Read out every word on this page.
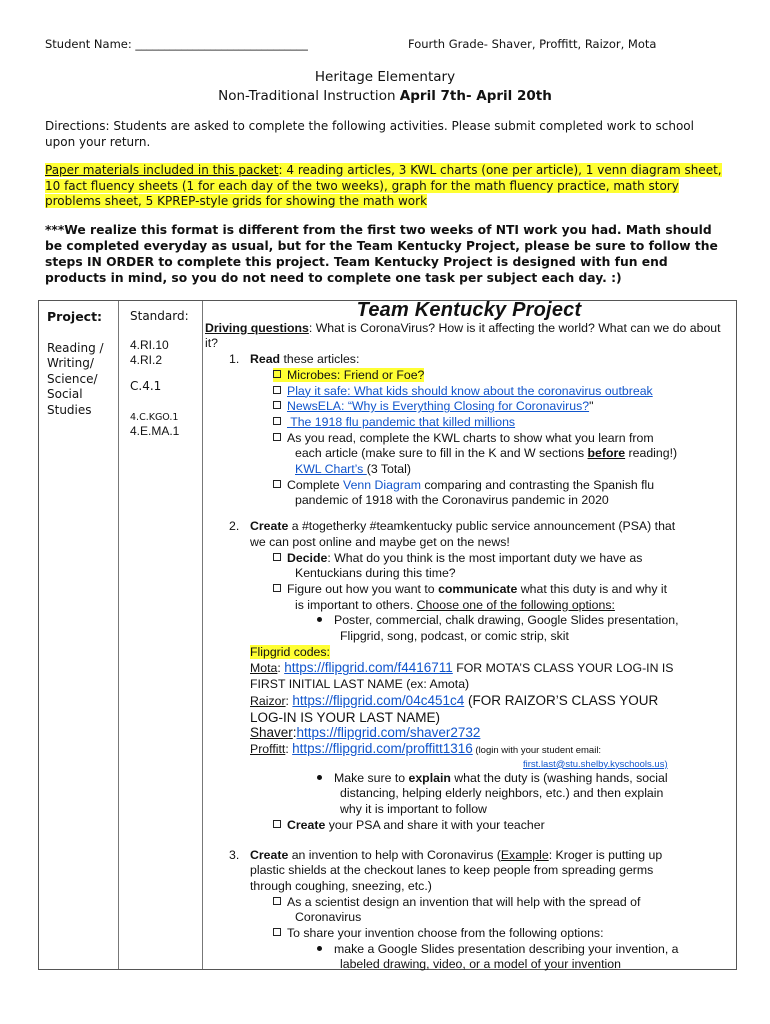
Student Name: ______________________________	Fourth Grade- Shaver, Proffitt, Raizor, Mota
Heritage Elementary
Non-Traditional Instruction April 7th- April 20th
Directions: Students are asked to complete the following activities. Please submit completed work to school upon your return.
Paper materials included in this packet: 4 reading articles, 3 KWL charts (one per article), 1 venn diagram sheet, 10 fact fluency sheets (1 for each day of the two weeks), graph for the math fluency practice, math story problems sheet, 5 KPREP-style grids for showing the math work
***We realize this format is different from the first two weeks of NTI work you had. Math should be completed everyday as usual, but for the Team Kentucky Project, please be sure to follow the steps IN ORDER to complete this project. Team Kentucky Project is designed with fun end products in mind, so you do not need to complete one task per subject each day. :)
Project:
Reading /
Writing/
Science/
Social
Studies
Standard:
4.RI.10
4.RI.2
C.4.1
4.C.KGO.1
4.E.MA.1
Team Kentucky Project
Driving questions: What is CoronaVirus? How is it affecting the world? What can we do about it?
1. Read these articles:
Microbes: Friend or Foe?
Play it safe: What kids should know about the coronavirus outbreak
NewsELA: “Why is Everything Closing for Coronavirus?"
The 1918 flu pandemic that killed millions
As you read, complete the KWL charts to show what you learn from
each article (make sure to fill in the K and W sections before reading!)
KWL Chart’s (3 Total)
Complete Venn Diagram comparing and contrasting the Spanish flu
pandemic of 1918 with the Coronavirus pandemic in 2020
2. Create a #togetherky #teamkentucky public service announcement (PSA) that
we can post online and maybe get on the news!
Decide: What do you think is the most important duty we have as
Kentuckians during this time?
Figure out how you want to communicate what this duty is and why it
is important to others. Choose one of the following options:
Poster, commercial, chalk drawing, Google Slides presentation,
Flipgrid, song, podcast, or comic strip, skit
Flipgrid codes:
Mota: https://flipgrid.com/f4416711 FOR MOTA’S CLASS YOUR LOG-IN IS
FIRST INITIAL LAST NAME (ex: Amota)
Raizor: https://flipgrid.com/04c451c4 (FOR RAIZOR’S CLASS YOUR
LOG-IN IS YOUR LAST NAME)
Shaver:https://flipgrid.com/shaver2732
Proffitt: https://flipgrid.com/proffitt1316 (login with your student email:
first.last@stu.shelby.kyschools.us)
Make sure to explain what the duty is (washing hands, social
distancing, helping elderly neighbors, etc.) and then explain
why it is important to follow
Create your PSA and share it with your teacher
3. Create an invention to help with Coronavirus (Example: Kroger is putting up
plastic shields at the checkout lanes to keep people from spreading germs
through coughing, sneezing, etc.)
As a scientist design an invention that will help with the spread of
Coronavirus
To share your invention choose from the following options:
make a Google Slides presentation describing your invention, a
labeled drawing, video, or a model of your invention
